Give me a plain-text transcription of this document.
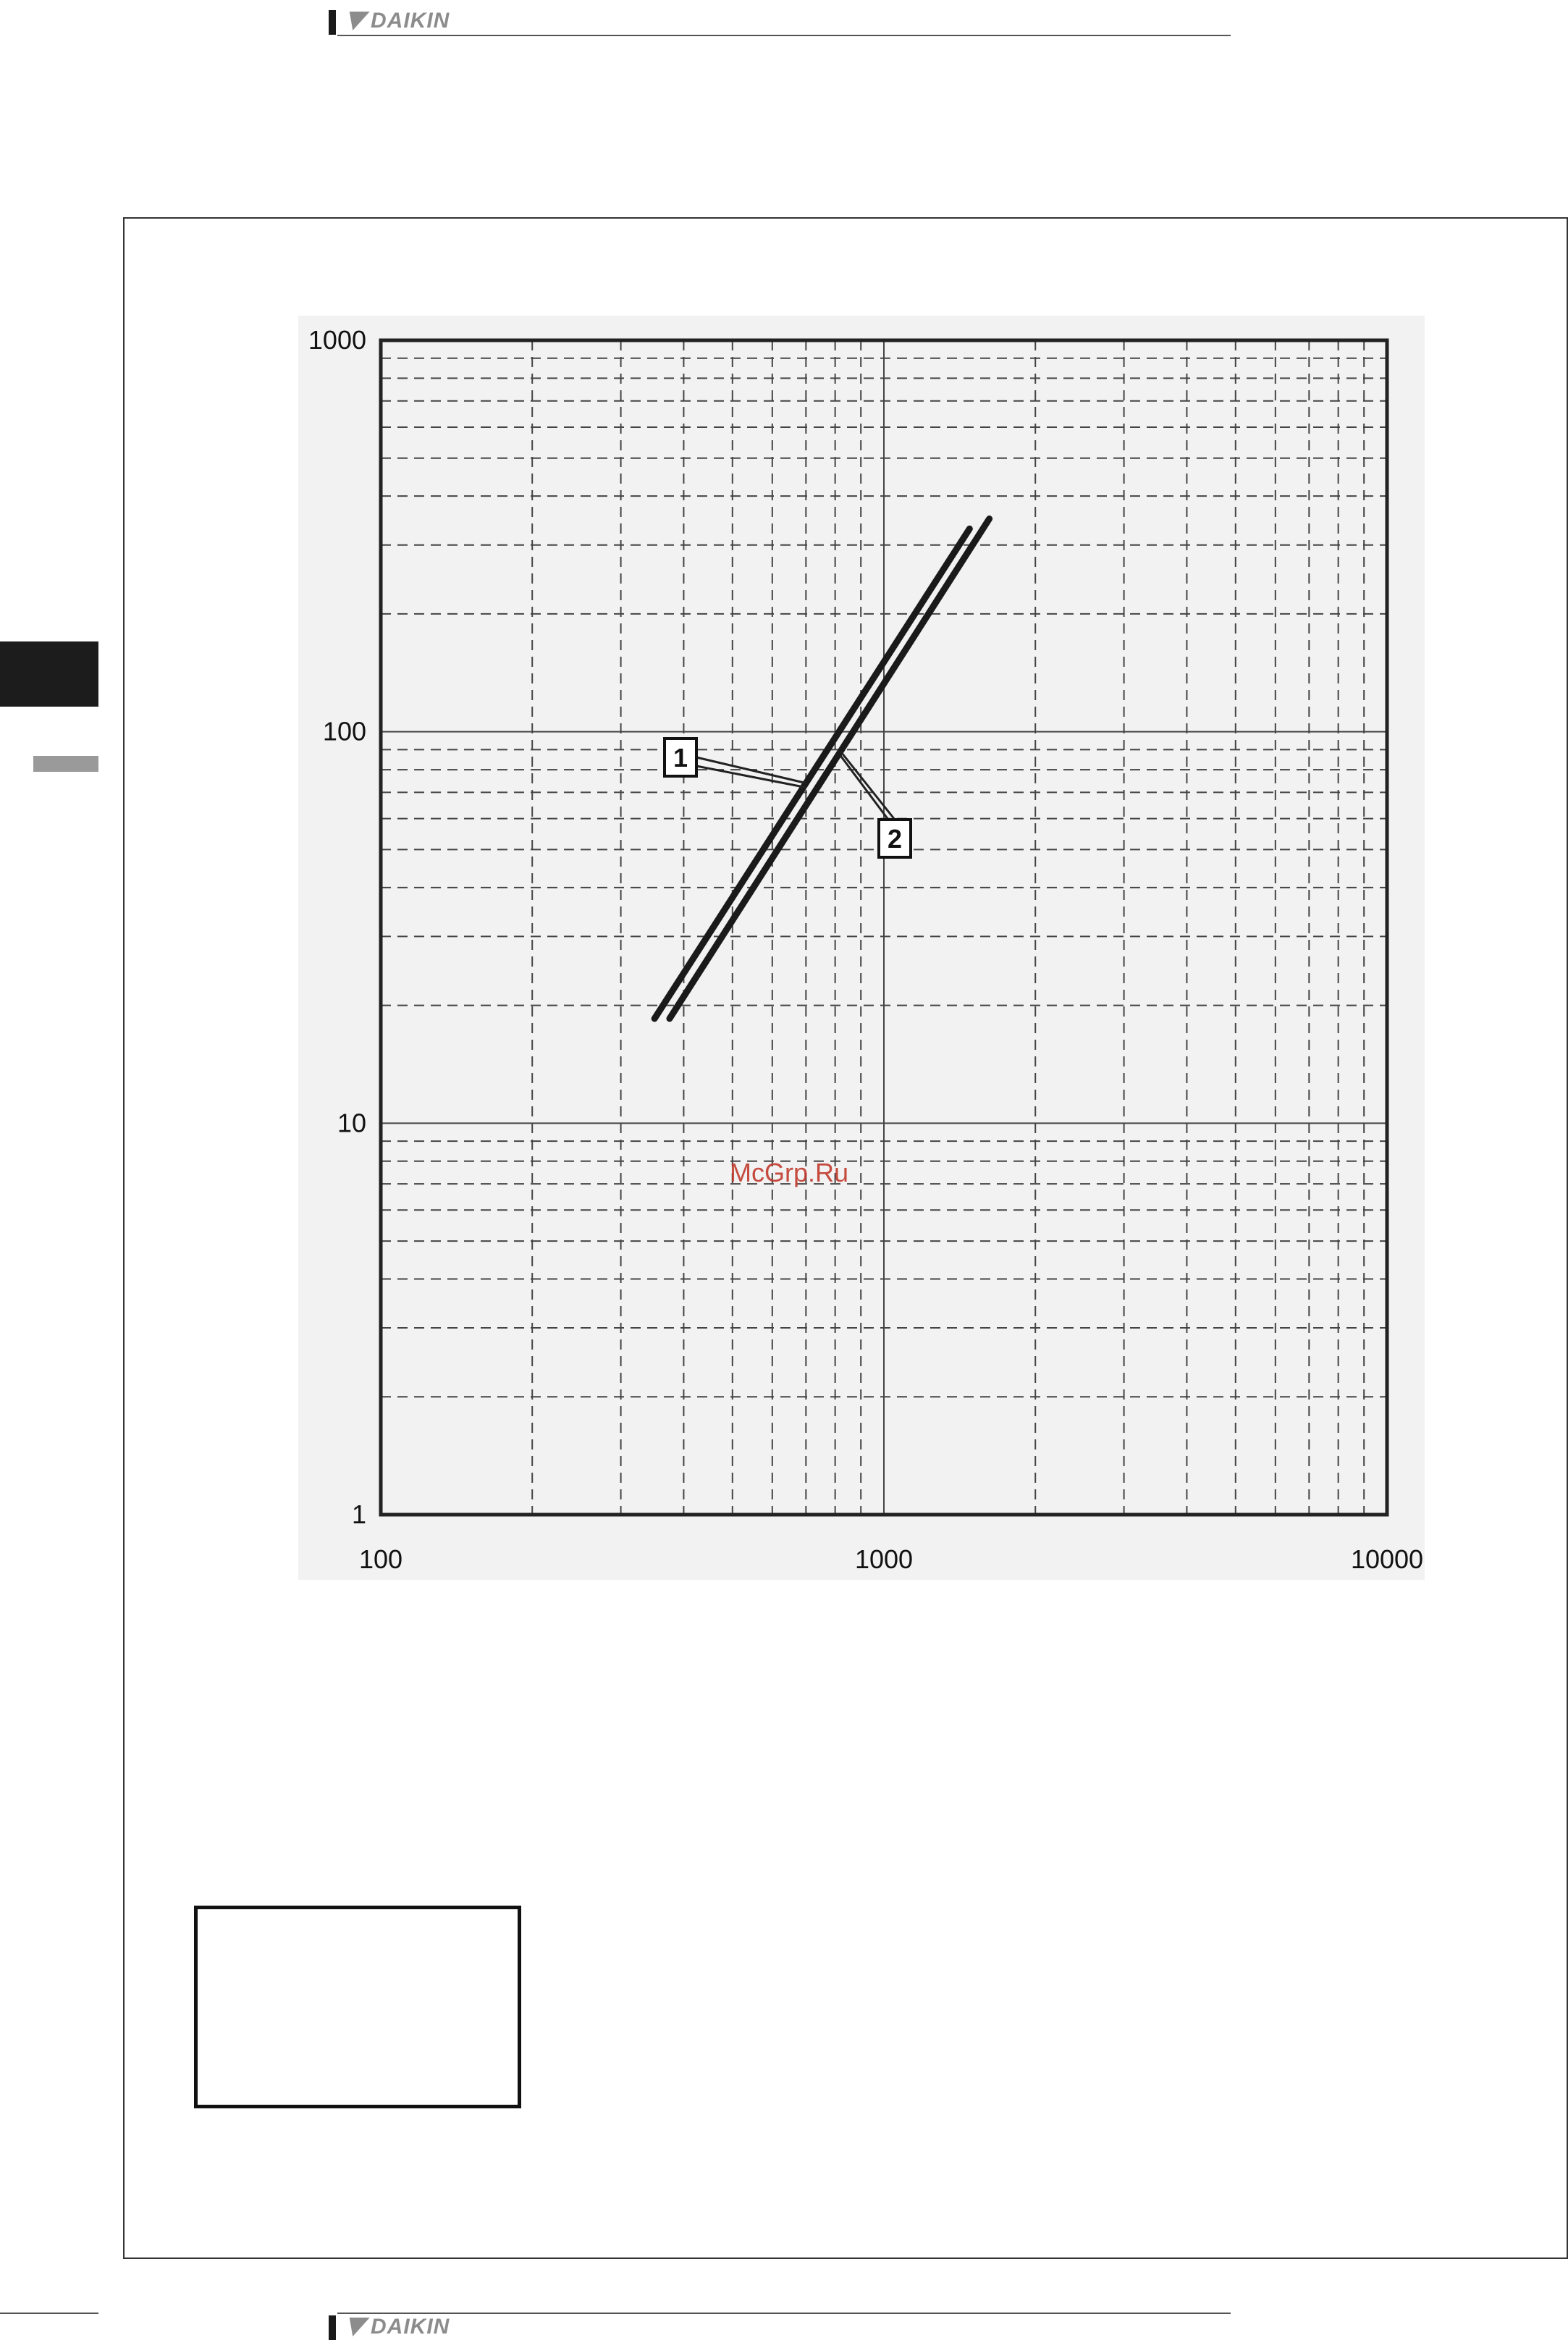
DAIKIN
100	1000	10000
1
10
100
1000
1
2
McGrp.Ru
DAIKIN
